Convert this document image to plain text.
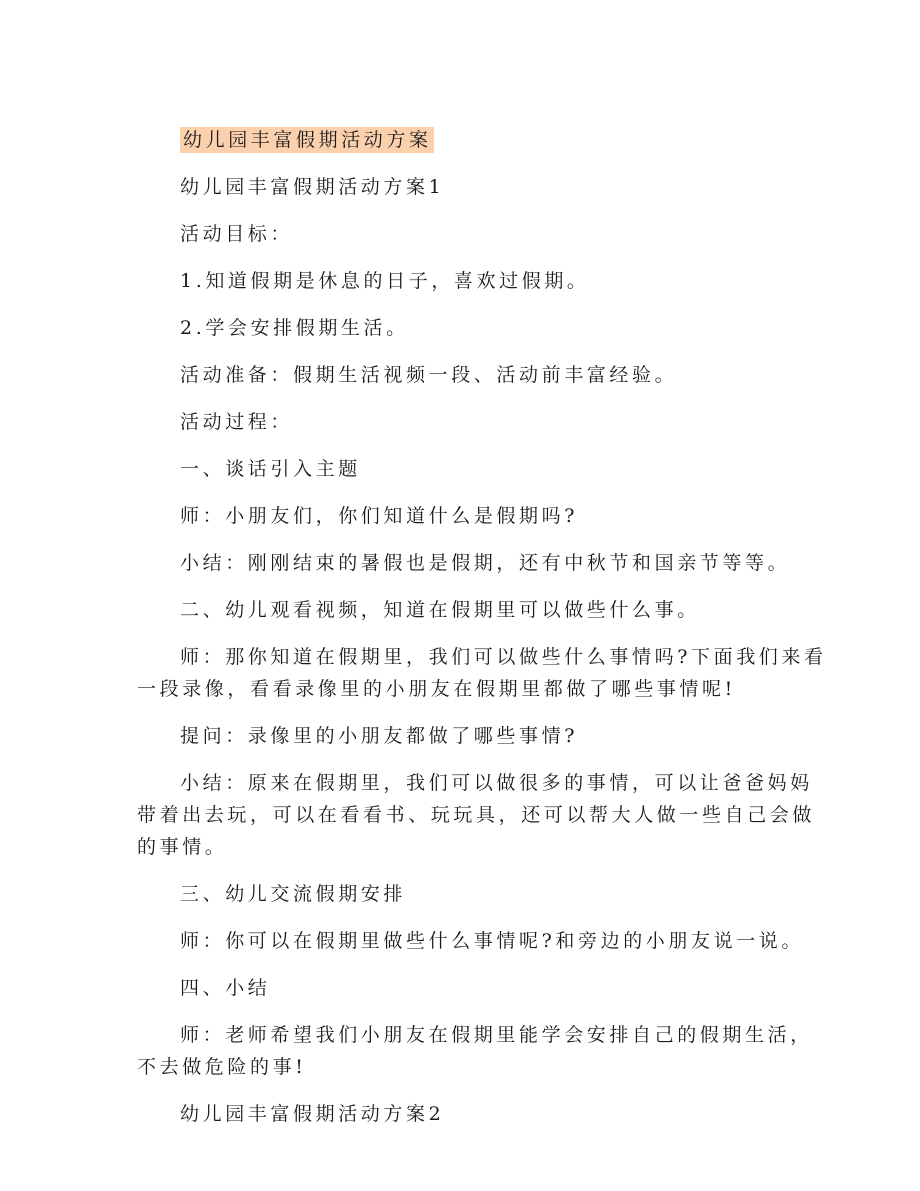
幼儿园丰富假期活动方案
幼儿园丰富假期活动方案1
活动目标：
1.知道假期是休息的日子，喜欢过假期。
2.学会安排假期生活。
活动准备：假期生活视频一段、活动前丰富经验。
活动过程：
一、谈话引入主题
师：小朋友们，你们知道什么是假期吗?
小结：刚刚结束的暑假也是假期，还有中秋节和国亲节等等。
二、幼儿观看视频，知道在假期里可以做些什么事。
师：那你知道在假期里，我们可以做些什么事情吗?下面我们来看
一段录像，看看录像里的小朋友在假期里都做了哪些事情呢!
提问：录像里的小朋友都做了哪些事情?
小结：原来在假期里，我们可以做很多的事情，可以让爸爸妈妈
带着出去玩，可以在看看书、玩玩具，还可以帮大人做一些自己会做
的事情。
三、幼儿交流假期安排
师：你可以在假期里做些什么事情呢?和旁边的小朋友说一说。
四、小结
师：老师希望我们小朋友在假期里能学会安排自己的假期生活，
不去做危险的事!
幼儿园丰富假期活动方案2
